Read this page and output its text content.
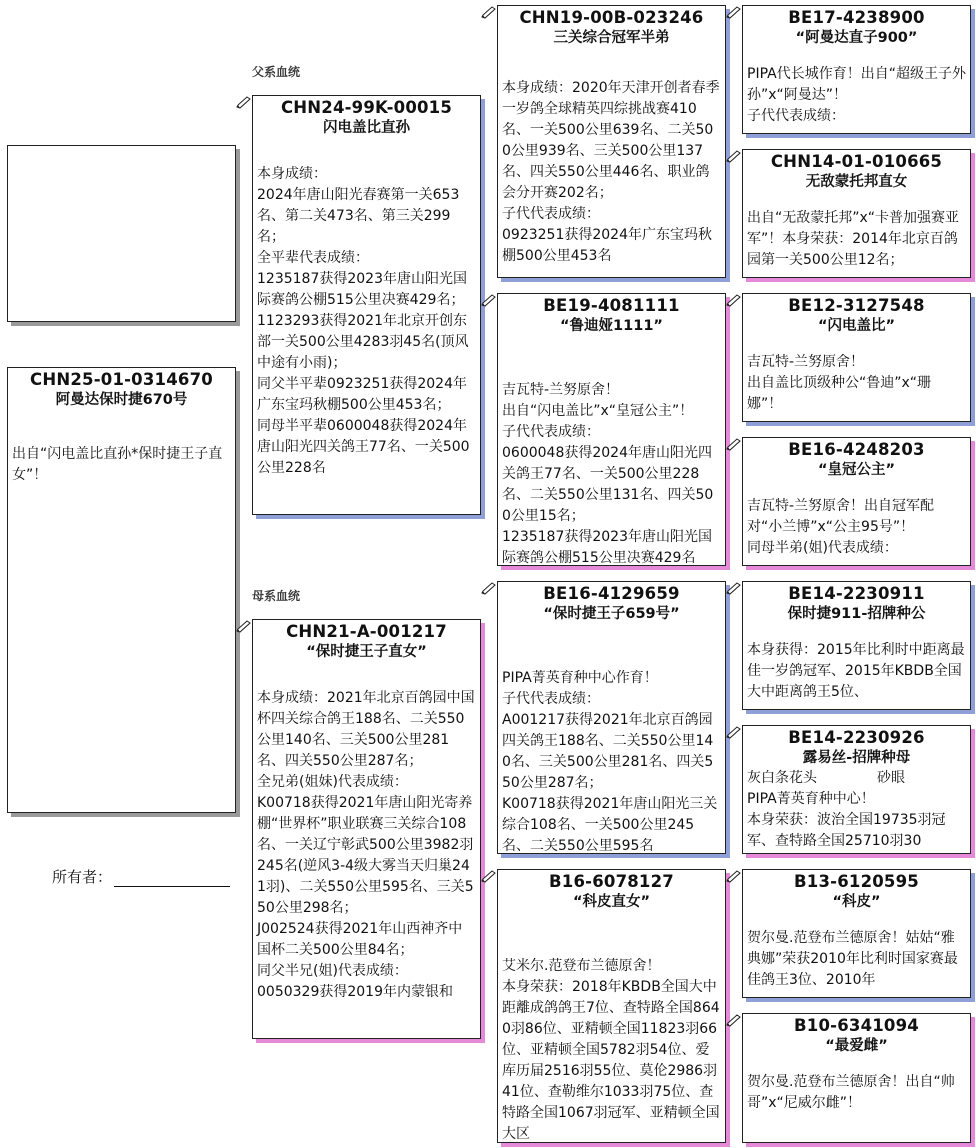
父系血统
母系血统
CHN25-01-0314670
阿曼达保时捷670号
出自“闪电盖比直孙*保时捷王子直女”！
所有者：
CHN24-99K-00015
闪电盖比直孙
本身成绩：
2024年唐山阳光春赛第一关653名、第二关473名、第三关299名；
全平辈代表成绩：
1235187获得2023年唐山阳光国际赛鸽公棚515公里决赛429名；
1123293获得2021年北京开创东部一关500公里4283羽45名(顶风中途有小雨)；
同父半平辈0923251获得2024年广东宝玛秋棚500公里453名；
同母半平辈0600048获得2024年唐山阳光四关鸽王77名、一关500公里228名
CHN21-A-001217
“保时捷王子直女”
本身成绩：2021年北京百鸽园中国杯四关综合鸽王188名、二关550公里140名、三关500公里281名、四关550公里287名；
全兄弟(姐妹)代表成绩：
K00718获得2021年唐山阳光寄养棚“世界杯”职业联赛三关综合108名、一关辽宁彰武500公里3982羽245名(逆风3-4级大雾当天归巢241羽)、二关550公里595名、三关550公里298名；
J002524获得2021年山西神齐中国杯二关500公里84名；
同父半兄(姐)代表成绩：
0050329获得2019年内蒙银和
CHN19-00B-023246
三关综合冠军半弟
本身成绩：2020年天津开创者春季一岁鸽全球精英四综挑战赛410名、一关500公里639名、二关500公里939名、三关500公里137名、四关550公里446名、职业鸽会分开赛202名；
子代代表成绩：
0923251获得2024年广东宝玛秋棚500公里453名
BE19-4081111
“鲁迪娅1111”
吉瓦特-兰努原舍！
出自“闪电盖比”x“皇冠公主”！
子代代表成绩：
0600048获得2024年唐山阳光四关鸽王77名、一关500公里228名、二关550公里131名、四关500公里15名；
1235187获得2023年唐山阳光国际赛鸽公棚515公里决赛429名
BE16-4129659
“保时捷王子659号”
PIPA菁英育种中心作育！
子代代表成绩：
A001217获得2021年北京百鸽园四关鸽王188名、二关550公里140名、三关500公里281名、四关550公里287名；
K00718获得2021年唐山阳光三关综合108名、一关500公里245名、二关550公里595名
B16-6078127
“科皮直女”
艾米尔.范登布兰德原舍！
本身荣获：2018年KBDB全国大中距離成鸽鸽王7位、查特路全国8640羽86位、亚精顿全国11823羽66位、亚精顿全国5782羽54位、爱库历届2516羽55位、莫伦2986羽41位、查勒维尔1033羽75位、查特路全国1067羽冠军、亚精顿全国大区
BE17-4238900
“阿曼达直子900”
PIPA代长城作育！出自“超级王子外孙”x“阿曼达”！
子代代表成绩：
CHN14-01-010665
无敌蒙托邦直女
出自“无敌蒙托邦”x“卡普加强赛亚军”！本身荣获：2014年北京百鸽园第一关500公里12名；
BE12-3127548
“闪电盖比”
吉瓦特-兰努原舍！
出自盖比顶级种公“鲁迪”x“珊娜”！
BE16-4248203
“皇冠公主”
吉瓦特-兰努原舍！出自冠军配对“小兰博”x“公主95号”！
同母半弟(姐)代表成绩：
BE14-2230911
保时捷911-招牌种公
本身获得：2015年比利时中距离最佳一岁鸽冠军、2015年KBDB全国大中距离鸽王5位、
BE14-2230926
露易丝-招牌种母
灰白条花头	砂眼
PIPA菁英育种中心！
本身荣获：波治全国19735羽冠军、查特路全国25710羽30
B13-6120595
“科皮”
贺尔曼.范登布兰德原舍！姑姑“雅典娜”荣获2010年比利时国家赛最佳鸽王3位、2010年
B10-6341094
“最爱雌”
贺尔曼.范登布兰德原舍！出自“帅哥”x“尼威尔雌”！
